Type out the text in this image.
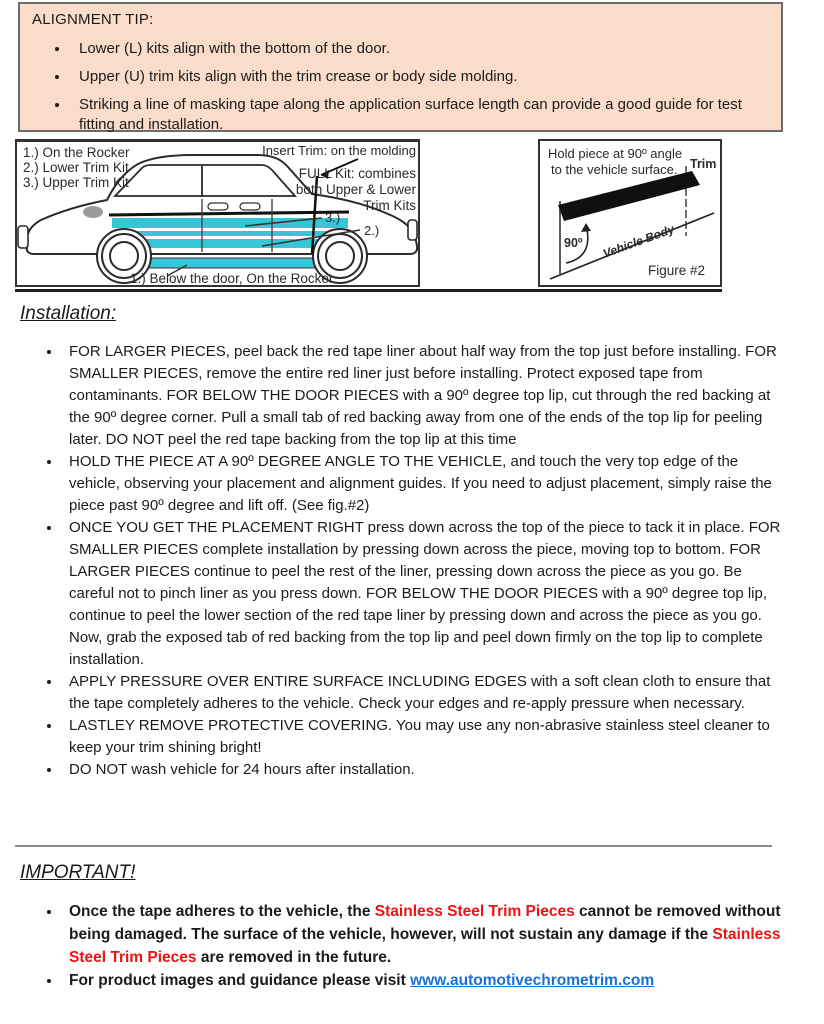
ALIGNMENT TIP:
• Lower (L) kits align with the bottom of the door.
• Upper (U) trim kits align with the trim crease or body side molding.
• Striking a line of masking tape along the application surface length can provide a good guide for test fitting and installation.
1.) On the Rocker
2.) Lower Trim Kit
3.) Upper Trim Kit
Insert Trim: on the molding
FULL Kit: combines
both Upper & Lower
Trim Kits
3.)
2.)
1.) Below the door, On the Rocker
Hold piece at 90º angle
to the vehicle surface. Trim
90º Vehicle Body
Figure #2
Installation:
• FOR LARGER PIECES, peel back the red tape liner about half way from the top just before installing. FOR SMALLER PIECES, remove the entire red liner just before installing. Protect exposed tape from contaminants. FOR BELOW THE DOOR PIECES with a 90º degree top lip, cut through the red backing at the 90º degree corner. Pull a small tab of red backing away from one of the ends of the top lip for peeling later. DO NOT peel the red tape backing from the top lip at this time
• HOLD THE PIECE AT A 90º DEGREE ANGLE TO THE VEHICLE, and touch the very top edge of the vehicle, observing your placement and alignment guides. If you need to adjust placement, simply raise the piece past 90º degree and lift off. (See fig.#2)
• ONCE YOU GET THE PLACEMENT RIGHT press down across the top of the piece to tack it in place. FOR SMALLER PIECES complete installation by pressing down across the piece, moving top to bottom. FOR LARGER PIECES continue to peel the rest of the liner, pressing down across the piece as you go. Be careful not to pinch liner as you press down. FOR BELOW THE DOOR PIECES with a 90º degree top lip, continue to peel the lower section of the red tape liner by pressing down and across the piece as you go. Now, grab the exposed tab of red backing from the top lip and peel down firmly on the top lip to complete installation.
• APPLY PRESSURE OVER ENTIRE SURFACE INCLUDING EDGES with a soft clean cloth to ensure that the tape completely adheres to the vehicle. Check your edges and re-apply pressure when necessary.
• LASTLEY REMOVE PROTECTIVE COVERING. You may use any non-abrasive stainless steel cleaner to keep your trim shining bright!
• DO NOT wash vehicle for 24 hours after installation.
IMPORTANT!
• Once the tape adheres to the vehicle, the Stainless Steel Trim Pieces cannot be removed without being damaged. The surface of the vehicle, however, will not sustain any damage if the Stainless Steel Trim Pieces are removed in the future.
• For product images and guidance please visit www.automotivechrometrim.com
